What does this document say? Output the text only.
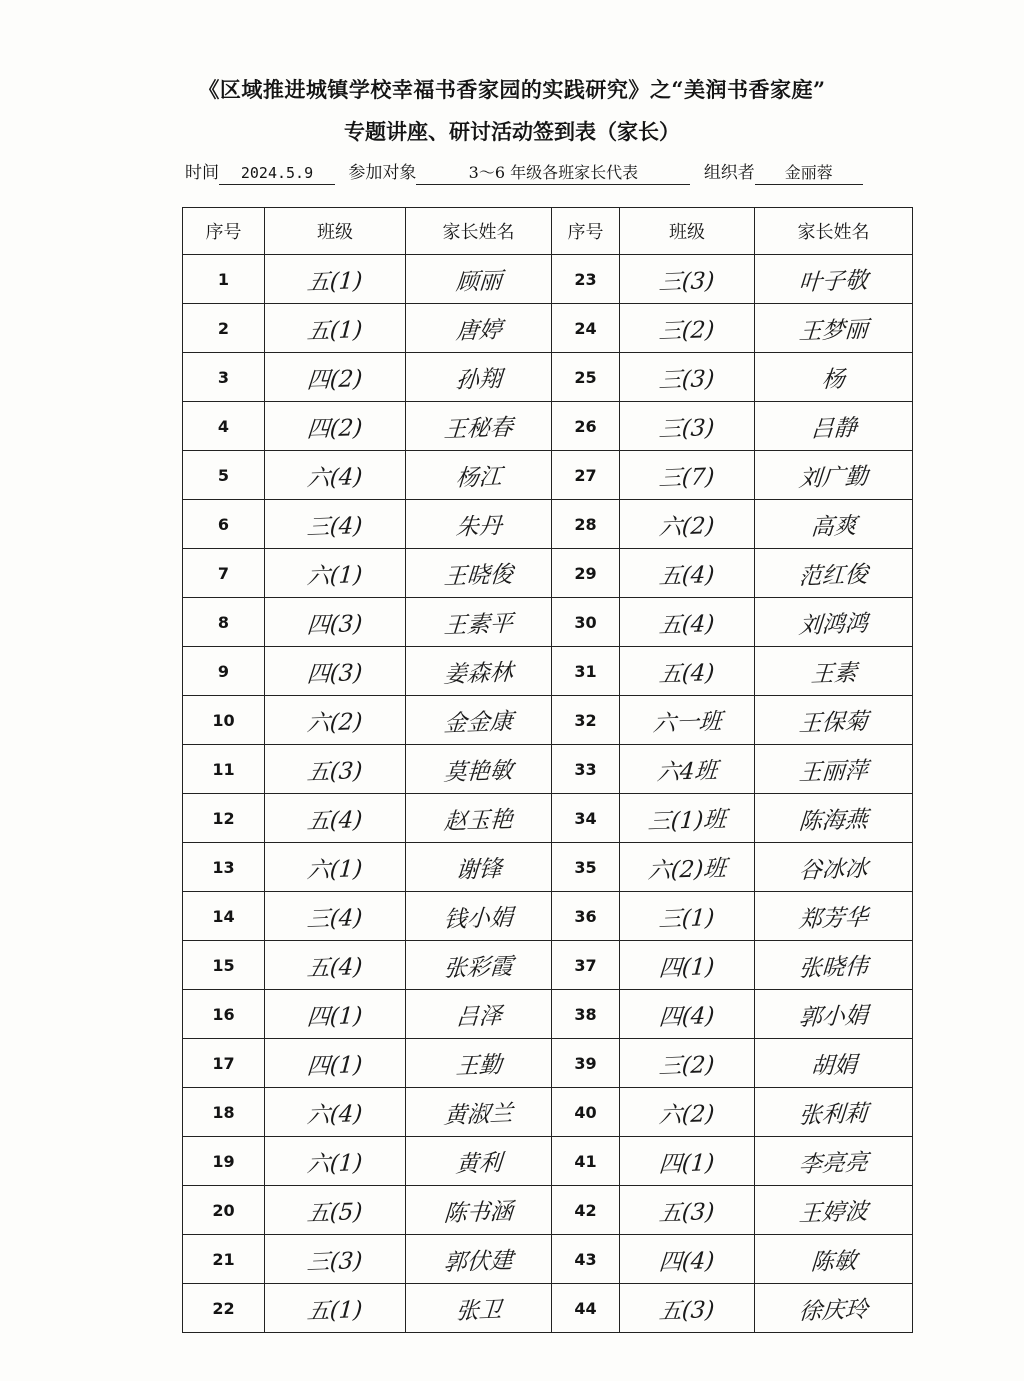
《区域推进城镇学校幸福书香家园的实践研究》之“美润书香家庭”
专题讲座、研讨活动签到表（家长）
时间 2024.5.9 参加对象	3～6 年级各班家长代表	组织者 金丽蓉
序号	班级	家长姓名	序号	班级	家长姓名
1	五(1)	顾丽	23	三(3)	叶子敬
2	五(1)	唐婷	24	三(2)	王梦丽
3	四(2)	孙翔	25	三(3)	杨
4	四(2)	王秘春	26	三(3)	吕静
5	六(4)	杨江	27	三(7)	刘广勤
6	三(4)	朱丹	28	六(2)	高爽
7	六(1)	王晓俊	29	五(4)	范红俊
8	四(3)	王素平	30	五(4)	刘鸿鸿
9	四(3)	姜森林	31	五(4)	王素
10	六(2)	金金康	32	六一班	王保菊
11	五(3)	莫艳敏	33	六4班	王丽萍
12	五(4)	赵玉艳	34	三(1)班	陈海燕
13	六(1)	谢锋	35	六(2)班	谷冰冰
14	三(4)	钱小娟	36	三(1)	郑芳华
15	五(4)	张彩霞	37	四(1)	张晓伟
16	四(1)	吕泽	38	四(4)	郭小娟
17	四(1)	王勤	39	三(2)	胡娟
18	六(4)	黄淑兰	40	六(2)	张利莉
19	六(1)	黄利	41	四(1)	李亮亮
20	五(5)	陈书涵	42	五(3)	王婷波
21	三(3)	郭伏建	43	四(4)	陈敏
22	五(1)	张卫	44	五(3)	徐庆玲
